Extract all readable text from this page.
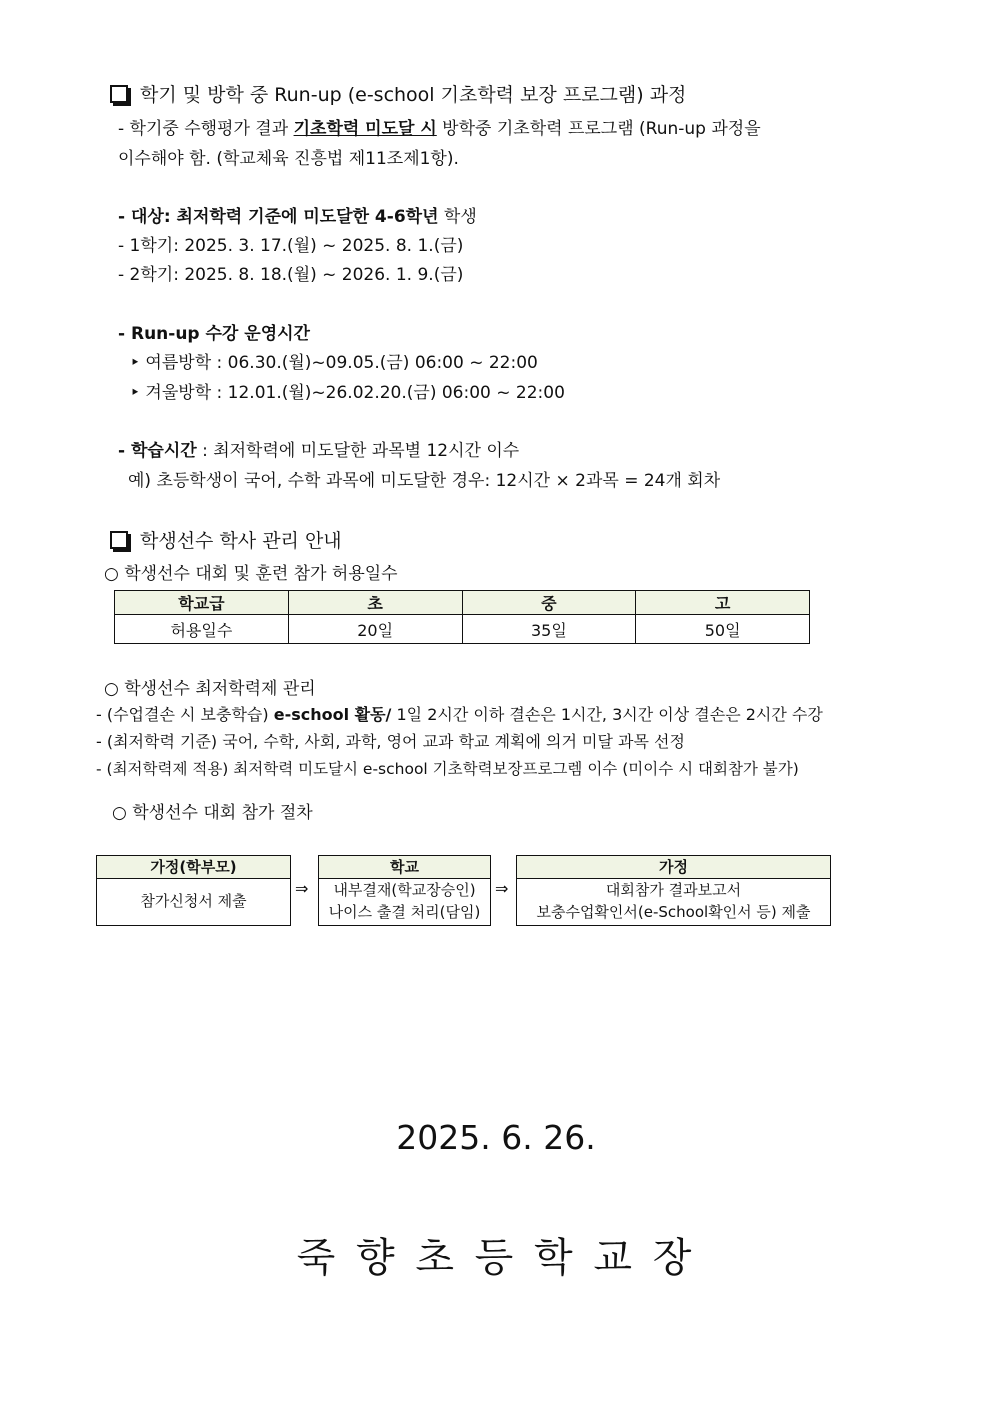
학기 및 방학 중 Run-up (e-school 기초학력 보장 프로그램) 과정
- 학기중 수행평가 결과 기초학력 미도달 시 방학중 기초학력 프로그램 (Run-up 과정을
이수해야 함. (학교체육 진흥법 제11조제1항).
- 대상: 최저학력 기준에 미도달한 4-6학년 학생
- 1학기: 2025. 3. 17.(월) ~ 2025. 8. 1.(금)
- 2학기: 2025. 8. 18.(월) ~ 2026. 1. 9.(금)
- Run-up 수강 운영시간
‣ 여름방학 : 06.30.(월)~09.05.(금) 06:00 ~ 22:00
‣ 겨울방학 : 12.01.(월)~26.02.20.(금) 06:00 ~ 22:00
- 학습시간 : 최저학력에 미도달한 과목별 12시간 이수
예) 초등학생이 국어, 수학 과목에 미도달한 경우: 12시간 × 2과목 = 24개 회차
학생선수 학사 관리 안내
○ 학생선수 대회 및 훈련 참가 허용일수
학교급	초	중	고
허용일수	20일	35일	50일
○ 학생선수 최저학력제 관리
- (수업결손 시 보충학습) e-school 활동/ 1일 2시간 이하 결손은 1시간, 3시간 이상 결손은 2시간 수강
- (최저학력 기준) 국어, 수학, 사회, 과학, 영어 교과 학교 계획에 의거 미달 과목 선정
- (최저학력제 적용) 최저학력 미도달시 e-school 기초학력보장프로그렘 이수 (미이수 시 대회참가 불가)
○ 학생선수 대회 참가 절차
가정(학부모)
참가신청서 제출
⇒
학교
내부결재(학교장승인)
나이스 출결 처리(담임)
⇒
가정
대회참가 결과보고서
보충수업확인서(e-School확인서 등) 제출
2025. 6. 26.
죽 향 초 등 학 교 장
